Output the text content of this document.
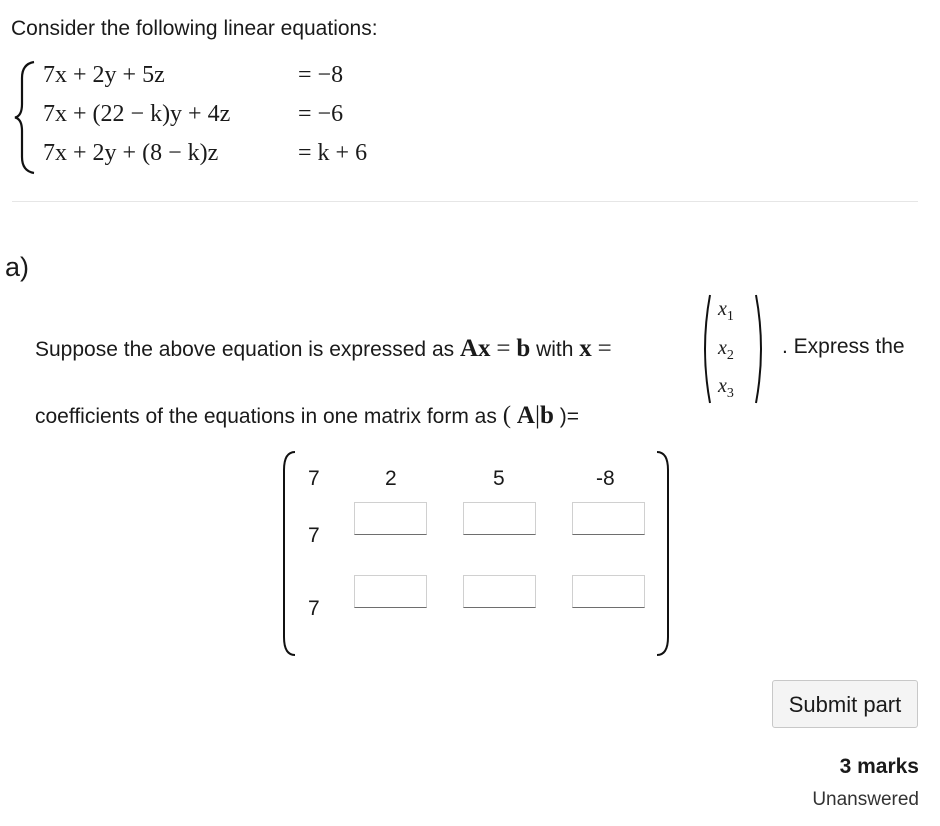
Consider the following linear equations:
7x + 2y + 5z	= −8
7x + (22 − k)y + 4z	= −6
7x + 2y + (8 − k)z	= k + 6
a)
Suppose the above equation is expressed as Ax = b with x =
$x_1$
$x_2$
$x_3$
. Express the
coefficients of the equations in one matrix form as ( A|b )=
7	2	5	-8
7
7
Submit part
3 marks
Unanswered
